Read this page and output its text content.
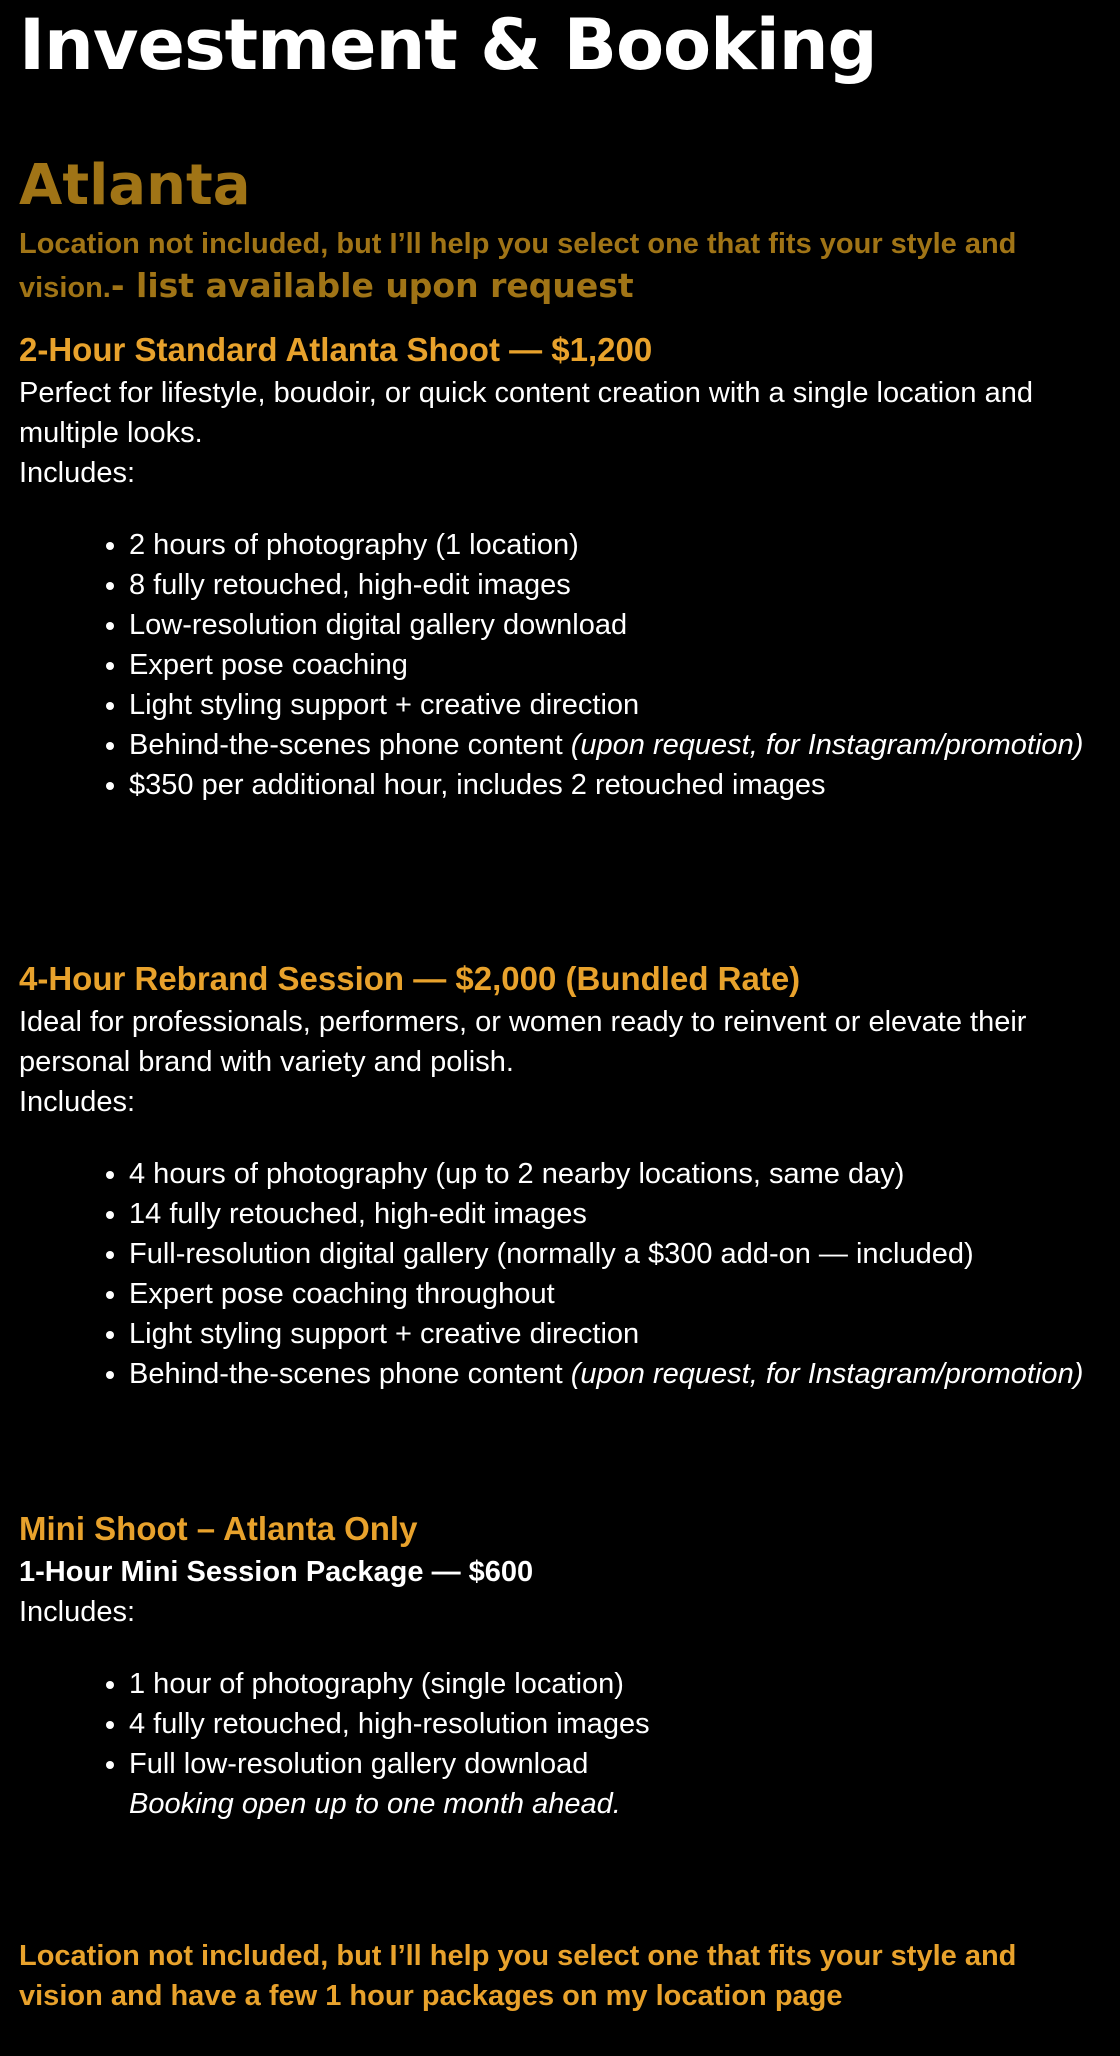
Investment & Booking
Atlanta

Location not included, but I’ll help you select one that fits your style and vision.- list available upon request

2-Hour Standard Atlanta Shoot — $1,200

Perfect for lifestyle, boudoir, or quick content creation with a single location and multiple looks.

Includes:

2 hours of photography (1 location)
8 fully retouched, high-edit images
Low-resolution digital gallery download
Expert pose coaching
Light styling support + creative direction
Behind-the-scenes phone content (upon request, for Instagram/promotion)
$350 per additional hour, includes 2 retouched images
4-Hour Rebrand Session — $2,000 (Bundled Rate)

Ideal for professionals, performers, or women ready to reinvent or elevate their personal brand with variety and polish.

Includes:

4 hours of photography (up to 2 nearby locations, same day)
14 fully retouched, high-edit images
Full-resolution digital gallery (normally a $300 add-on — included)
Expert pose coaching throughout
Light styling support + creative direction
Behind-the-scenes phone content (upon request, for Instagram/promotion)
Mini Shoot – Atlanta Only
1-Hour Mini Session Package — $600

Includes:

1 hour of photography (single location)
4 fully retouched, high-resolution images
Full low-resolution gallery download
Booking open up to one month ahead.

Location not included, but I’ll help you select one that fits your style and vision and have a few 1 hour packages on my location page
